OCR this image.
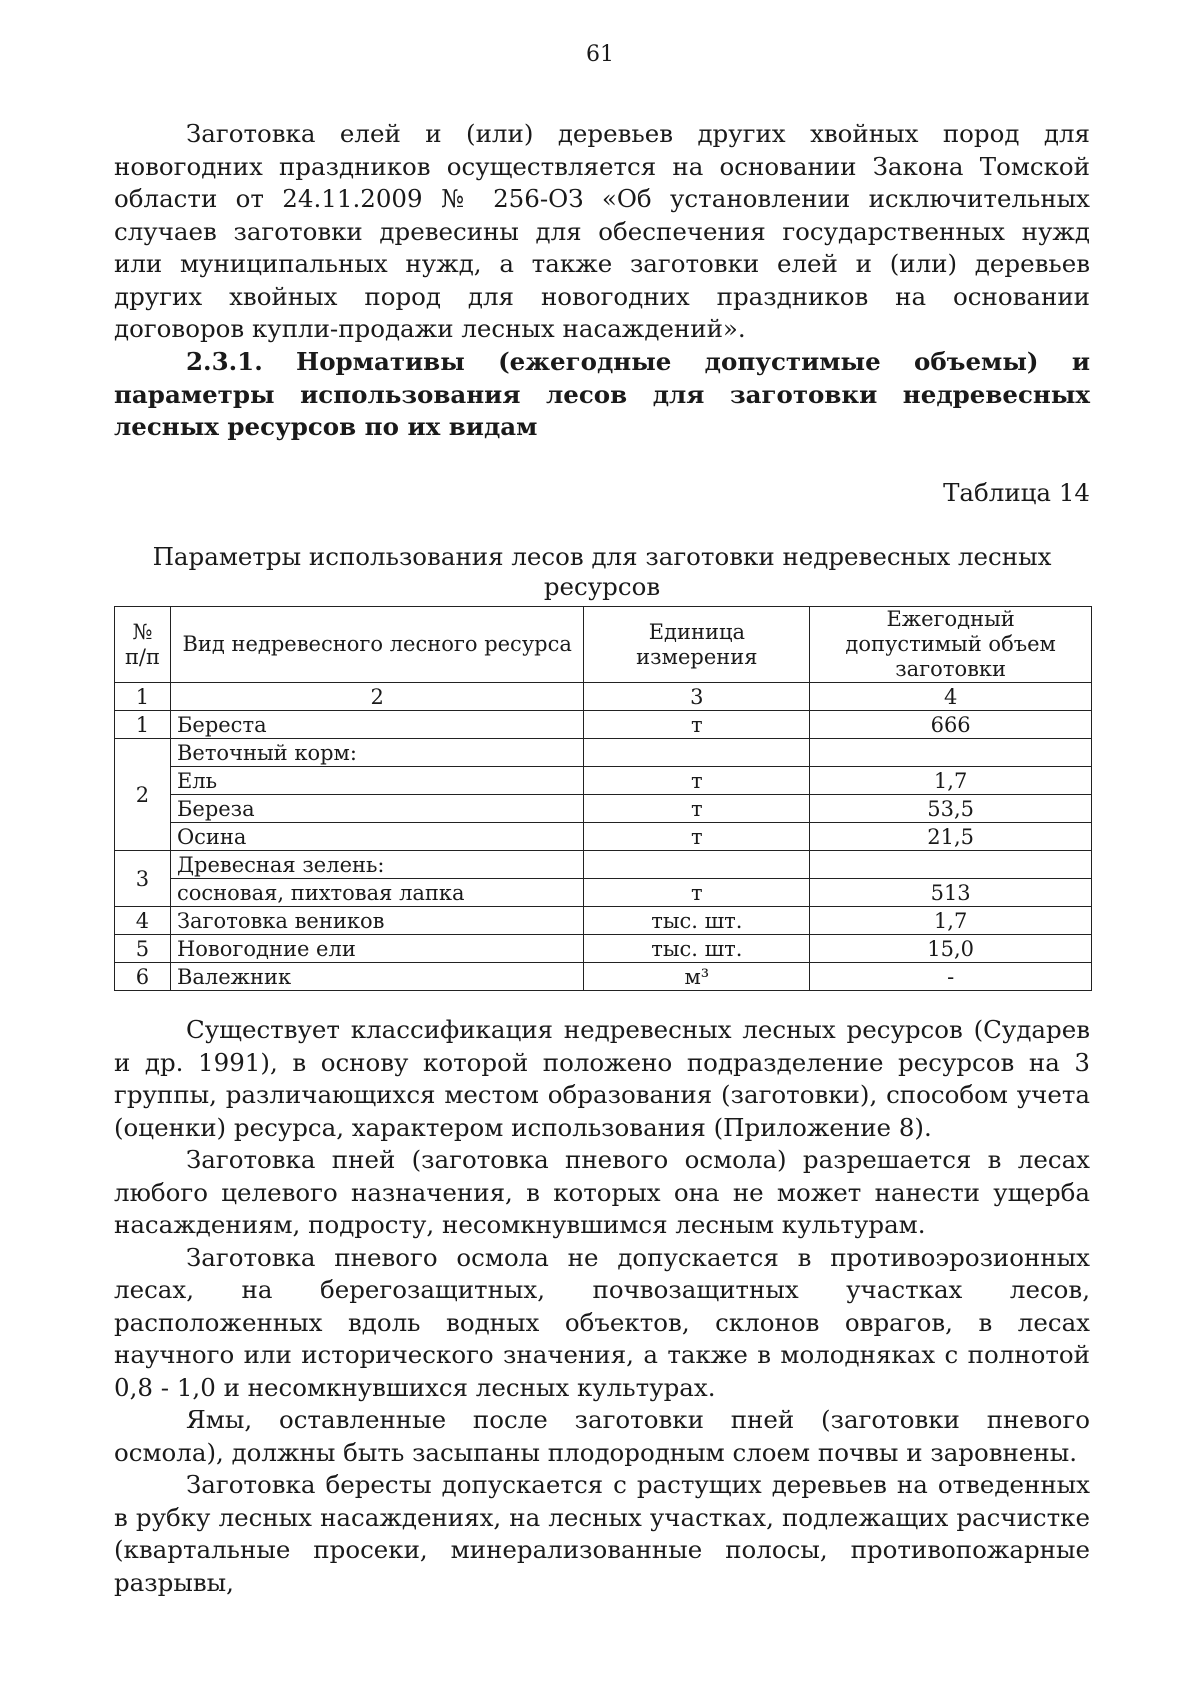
61

Заготовка елей и (или) деревьев других хвойных пород для новогодних праздников осуществляется на основании Закона Томской области от 24.11.2009 № 256-ОЗ «Об установлении исключительных случаев заготовки древесины для обеспечения государственных нужд или муниципальных нужд, а также заготовки елей и (или) деревьев других хвойных пород для новогодних праздников на основании договоров купли-продажи лесных насаждений».

2.3.1. Нормативы (ежегодные допустимые объемы) и параметры использования лесов для заготовки недревесных лесных ресурсов по их видам

Таблица 14
Параметры использования лесов для заготовки недревесных лесных
ресурсов
№ п/п	Вид недревесного лесного ресурса	Единица измерения	Ежегодный допустимый объем заготовки
1	2	3	4
1	Береста	т	666
2	Веточный корм:		
	Ель	т	1,7
	Береза	т	53,5
	Осина	т	21,5
3	Древесная зелень:		
	сосновая, пихтовая лапка	т	513
4	Заготовка веников	тыс. шт.	1,7
5	Новогодние ели	тыс. шт.	15,0
6	Валежник	м³	-

Существует классификация недревесных лесных ресурсов (Сударев и др. 1991), в основу которой положено подразделение ресурсов на 3 группы, различающихся местом образования (заготовки), способом учета (оценки) ресурса, характером использования (Приложение 8).

Заготовка пней (заготовка пневого осмола) разрешается в лесах любого целевого назначения, в которых она не может нанести ущерба насаждениям, подросту, несомкнувшимся лесным культурам.

Заготовка пневого осмола не допускается в противоэрозионных лесах, на берегозащитных, почвозащитных участках лесов, расположенных вдоль водных объектов, склонов оврагов, в лесах научного или исторического значения, а также в молодняках с полнотой 0,8 - 1,0 и несомкнувшихся лесных культурах.

Ямы, оставленные после заготовки пней (заготовки пневого осмола), должны быть засыпаны плодородным слоем почвы и заровнены.

Заготовка бересты допускается с растущих деревьев на отведенных в рубку лесных насаждениях, на лесных участках, подлежащих расчистке (квартальные просеки, минерализованные полосы, противопожарные разрывы,
